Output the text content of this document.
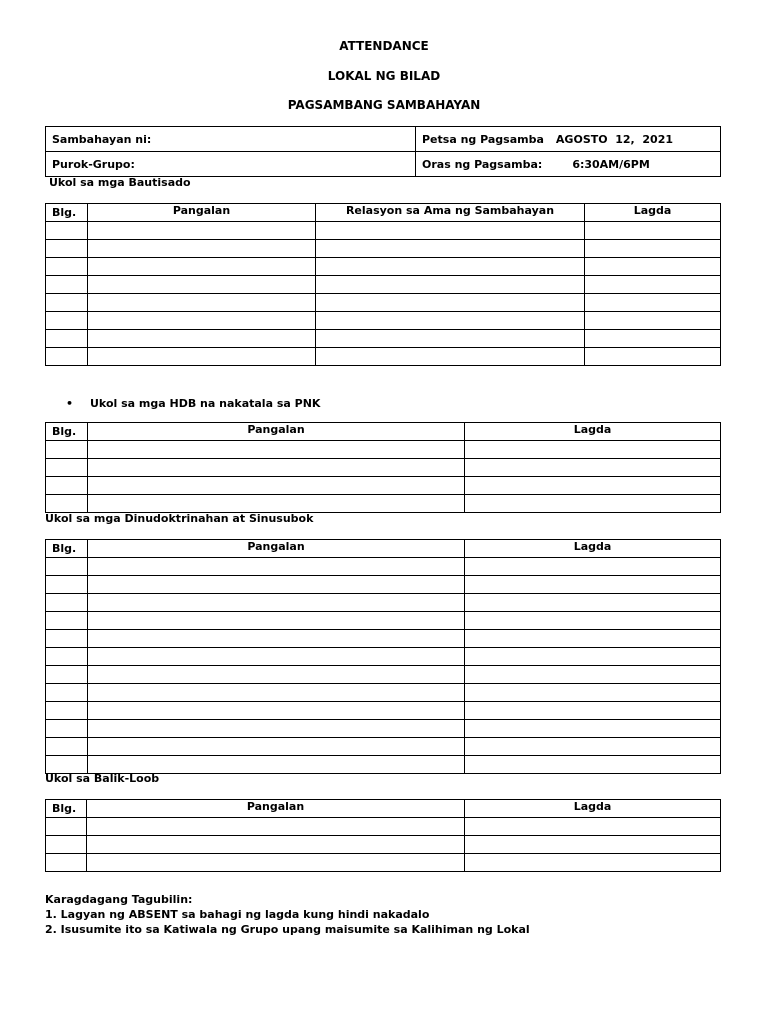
ATTENDANCE
LOKAL NG BILAD
PAGSAMBANG SAMBAHAYAN
Sambahayan ni:	Petsa ng Pagsamba AGOSTO  12,  2021
Purok-Grupo:	Oras ng Pagsamba: 6:30AM/6PM
Ukol sa mga Bautisado
Blg.	Pangalan	Relasyon sa Ama ng Sambahayan	Lagda

• Ukol sa mga HDB na nakatala sa PNK
Blg.	Pangalan	Lagda

Ukol sa mga Dinudoktrinahan at Sinusubok
Blg.	Pangalan	Lagda

Ukol sa Balik-Loob
Blg.	Pangalan	Lagda

Karagdagang Tagubilin:
1. Lagyan ng ABSENT sa bahagi ng lagda kung hindi nakadalo
2. Isusumite ito sa Katiwala ng Grupo upang maisumite sa Kalihiman ng Lokal
